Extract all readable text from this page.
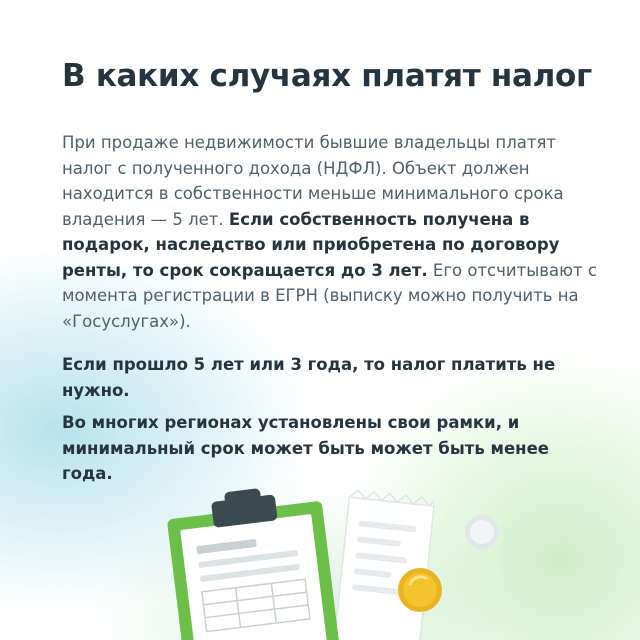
В каких случаях платят налог

При продаже недвижимости бывшие владельцы платят налог с полученного дохода (НДФЛ). Объект должен находится в собственности меньше минимального срока владения — 5 лет. Если собственность получена в подарок, наследство или приобретена по договору ренты, то срок сокращается до 3 лет. Его отсчитывают с момента регистрации в ЕГРН (выписку можно получить на «Госуслугах»).

Если прошло 5 лет или 3 года, то налог платить не нужно.

Во многих регионах установлены свои рамки, и минимальный срок может быть может быть менее года.
